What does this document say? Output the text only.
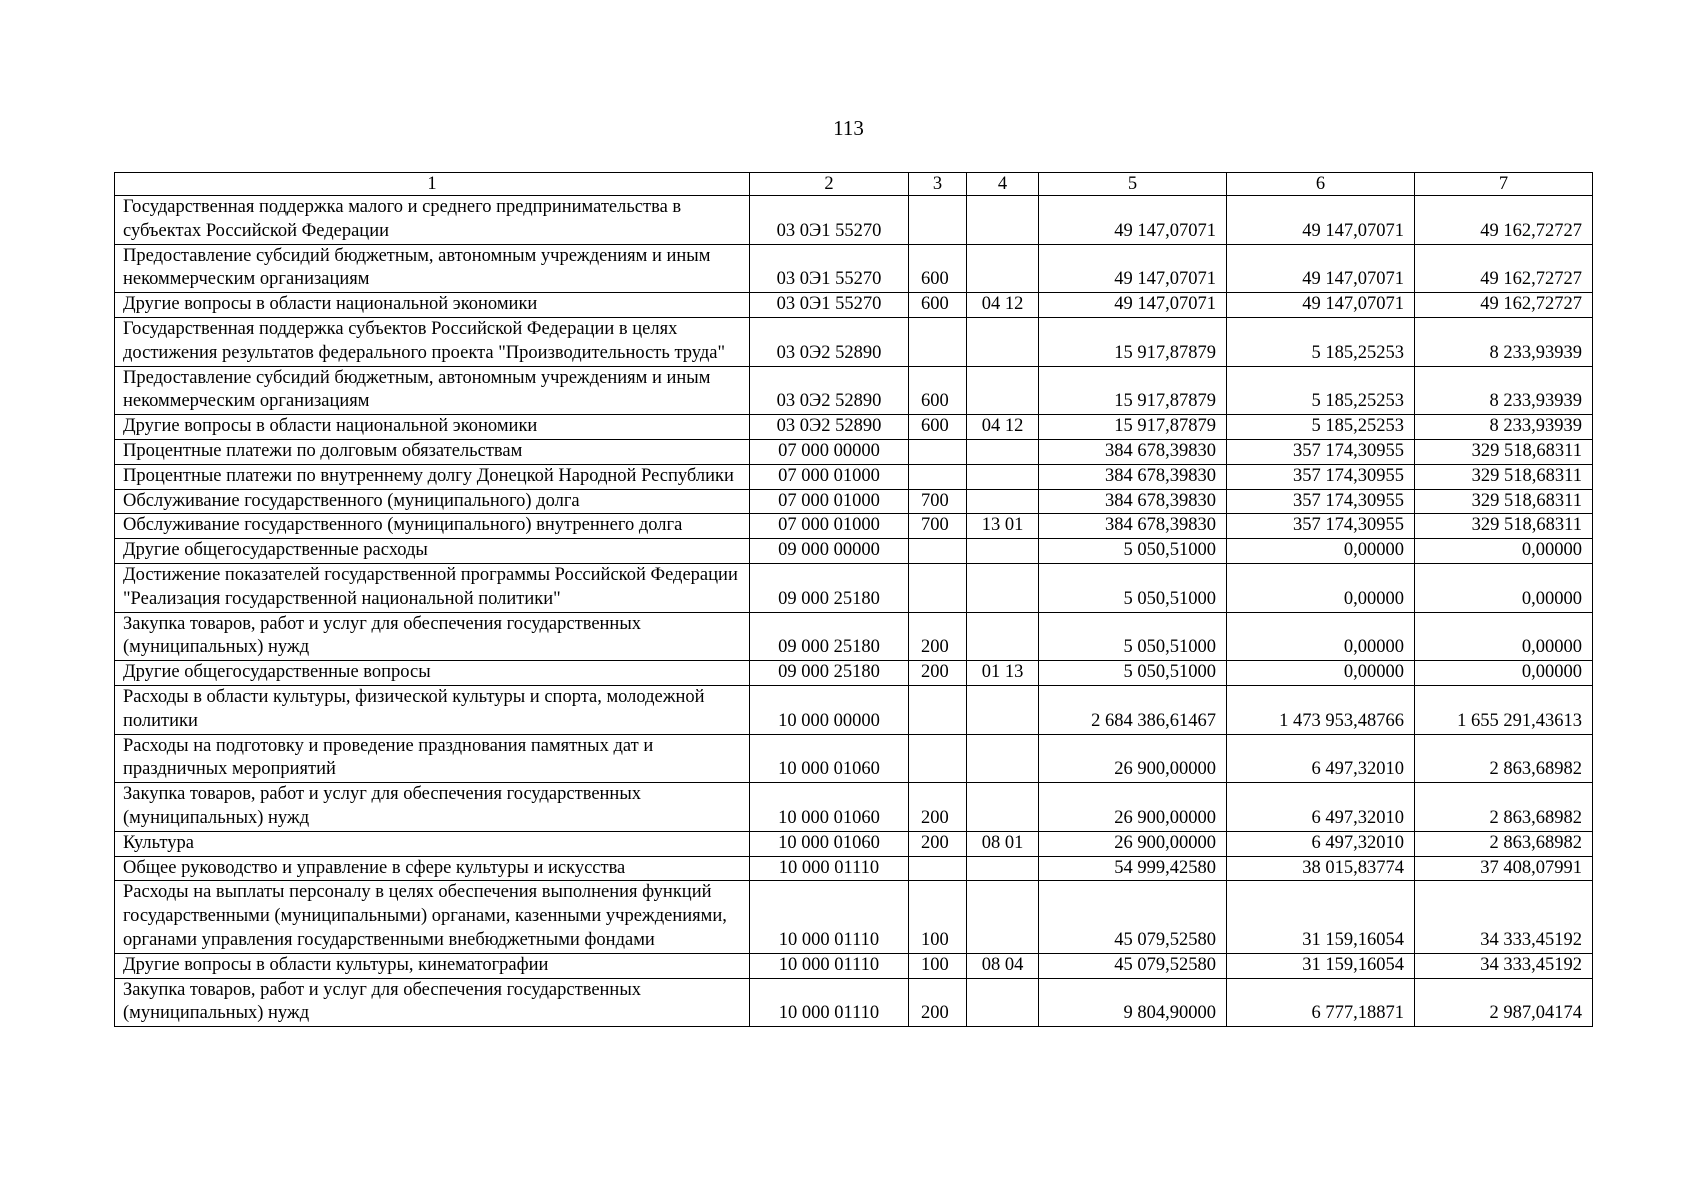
113
1	2	3	4	5	6	7
Государственная поддержка малого и среднего предпринимательства в субъектах Российской Федерации	03 0Э1 55270			49 147,07071	49 147,07071	49 162,72727
Предоставление субсидий бюджетным, автономным учреждениям и иным некоммерческим организациям	03 0Э1 55270	600		49 147,07071	49 147,07071	49 162,72727
Другие вопросы в области национальной экономики	03 0Э1 55270	600	04 12	49 147,07071	49 147,07071	49 162,72727
Государственная поддержка субъектов Российской Федерации в целях достижения результатов федерального проекта "Производительность труда"	03 0Э2 52890			15 917,87879	5 185,25253	8 233,93939
Предоставление субсидий бюджетным, автономным учреждениям и иным некоммерческим организациям	03 0Э2 52890	600		15 917,87879	5 185,25253	8 233,93939
Другие вопросы в области национальной экономики	03 0Э2 52890	600	04 12	15 917,87879	5 185,25253	8 233,93939
Процентные платежи по долговым обязательствам	07 000 00000			384 678,39830	357 174,30955	329 518,68311
Процентные платежи по внутреннему долгу Донецкой Народной Республики	07 000 01000			384 678,39830	357 174,30955	329 518,68311
Обслуживание государственного (муниципального) долга	07 000 01000	700		384 678,39830	357 174,30955	329 518,68311
Обслуживание государственного (муниципального) внутреннего долга	07 000 01000	700	13 01	384 678,39830	357 174,30955	329 518,68311
Другие общегосударственные расходы	09 000 00000			5 050,51000	0,00000	0,00000
Достижение показателей государственной программы Российской Федерации "Реализация государственной национальной политики"	09 000 25180			5 050,51000	0,00000	0,00000
Закупка товаров, работ и услуг для обеспечения государственных (муниципальных) нужд	09 000 25180	200		5 050,51000	0,00000	0,00000
Другие общегосударственные вопросы	09 000 25180	200	01 13	5 050,51000	0,00000	0,00000
Расходы в области культуры, физической культуры и спорта, молодежной политики	10 000 00000			2 684 386,61467	1 473 953,48766	1 655 291,43613
Расходы на подготовку и проведение празднования памятных дат и праздничных мероприятий	10 000 01060			26 900,00000	6 497,32010	2 863,68982
Закупка товаров, работ и услуг для обеспечения государственных (муниципальных) нужд	10 000 01060	200		26 900,00000	6 497,32010	2 863,68982
Культура	10 000 01060	200	08 01	26 900,00000	6 497,32010	2 863,68982
Общее руководство и управление в сфере культуры и искусства	10 000 01110			54 999,42580	38 015,83774	37 408,07991
Расходы на выплаты персоналу в целях обеспечения выполнения функций государственными (муниципальными) органами, казенными учреждениями, органами управления государственными внебюджетными фондами	10 000 01110	100		45 079,52580	31 159,16054	34 333,45192
Другие вопросы в области культуры, кинематографии	10 000 01110	100	08 04	45 079,52580	31 159,16054	34 333,45192
Закупка товаров, работ и услуг для обеспечения государственных (муниципальных) нужд	10 000 01110	200		9 804,90000	6 777,18871	2 987,04174
